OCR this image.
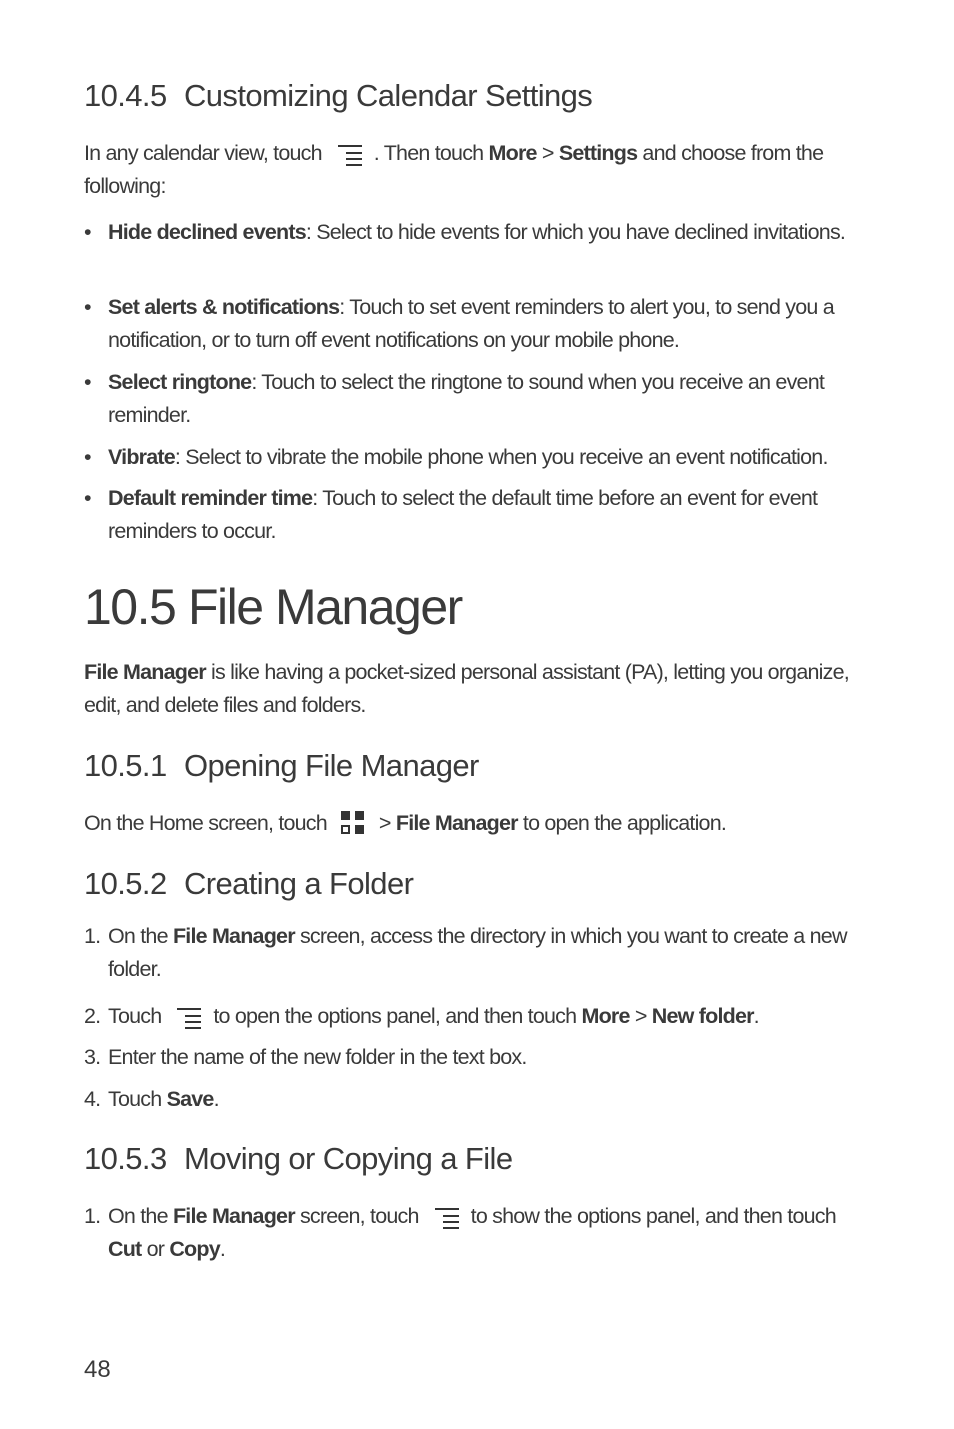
10.4.5 Customizing Calendar Settings

In any calendar view, touch . Then touch More > Settings and choose from the following:

• Hide declined events: Select to hide events for which you have declined invitations.
• Set alerts & notifications: Touch to set event reminders to alert you, to send you a notification, or to turn off event notifications on your mobile phone.
• Select ringtone: Touch to select the ringtone to sound when you receive an event reminder.
• Vibrate: Select to vibrate the mobile phone when you receive an event notification.
• Default reminder time: Touch to select the default time before an event for event reminders to occur.
10.5 File Manager

File Manager is like having a pocket-sized personal assistant (PA), letting you organize, edit, and delete files and folders.

10.5.1 Opening File Manager

On the Home screen, touch > File Manager to open the application.

10.5.2 Creating a Folder
1. On the File Manager screen, access the directory in which you want to create a new folder.
2. Touch to open the options panel, and then touch More > New folder.
3. Enter the name of the new folder in the text box.
4. Touch Save.
10.5.3 Moving or Copying a File
1. On the File Manager screen, touch to show the options panel, and then touch Cut or Copy.
48
